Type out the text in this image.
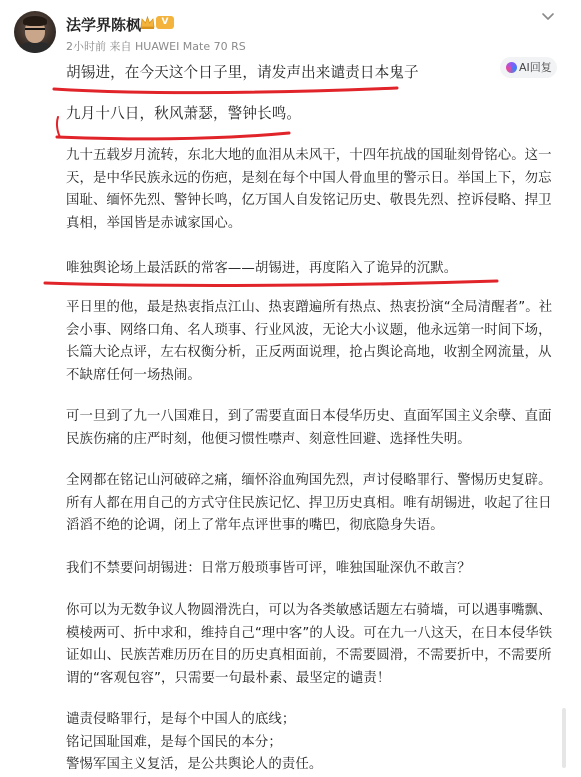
法学界陈枫	V
2小时前 来自 HUAWEI Mate 70 RS
AI回复
胡锡进，在今天这个日子里，请发声出来谴责日本鬼子
九月十八日，秋风萧瑟，警钟长鸣。
九十五载岁月流转，东北大地的血泪从未风干，十四年抗战的国耻刻骨铭心。这一
天，是中华民族永远的伤疤，是刻在每个中国人骨血里的警示日。举国上下，勿忘
国耻、缅怀先烈、警钟长鸣，亿万国人自发铭记历史、敬畏先烈、控诉侵略、捍卫
真相，举国皆是赤诚家国心。
唯独舆论场上最活跃的常客——胡锡进，再度陷入了诡异的沉默。
平日里的他，最是热衷指点江山、热衷蹭遍所有热点、热衷扮演“全局清醒者”。社
会小事、网络口角、名人琐事、行业风波，无论大小议题，他永远第一时间下场，
长篇大论点评，左右权衡分析，正反两面说理，抢占舆论高地，收割全网流量，从
不缺席任何一场热闹。
可一旦到了九一八国难日，到了需要直面日本侵华历史、直面军国主义余孽、直面
民族伤痛的庄严时刻，他便习惯性噤声、刻意性回避、选择性失明。
全网都在铭记山河破碎之痛，缅怀浴血殉国先烈，声讨侵略罪行、警惕历史复辟。
所有人都在用自己的方式守住民族记忆、捍卫历史真相。唯有胡锡进，收起了往日
滔滔不绝的论调，闭上了常年点评世事的嘴巴，彻底隐身失语。
我们不禁要问胡锡进：日常万般琐事皆可评，唯独国耻深仇不敢言？
你可以为无数争议人物圆滑洗白，可以为各类敏感话题左右骑墙，可以遇事嘴飘、
模棱两可、折中求和，维持自己“理中客”的人设。可在九一八这天，在日本侵华铁
证如山、民族苦难历历在目的历史真相面前，不需要圆滑，不需要折中，不需要所
谓的“客观包容”，只需要一句最朴素、最坚定的谴责！
谴责侵略罪行，是每个中国人的底线；
铭记国耻国难，是每个国民的本分；
警惕军国主义复活，是公共舆论人的责任。
